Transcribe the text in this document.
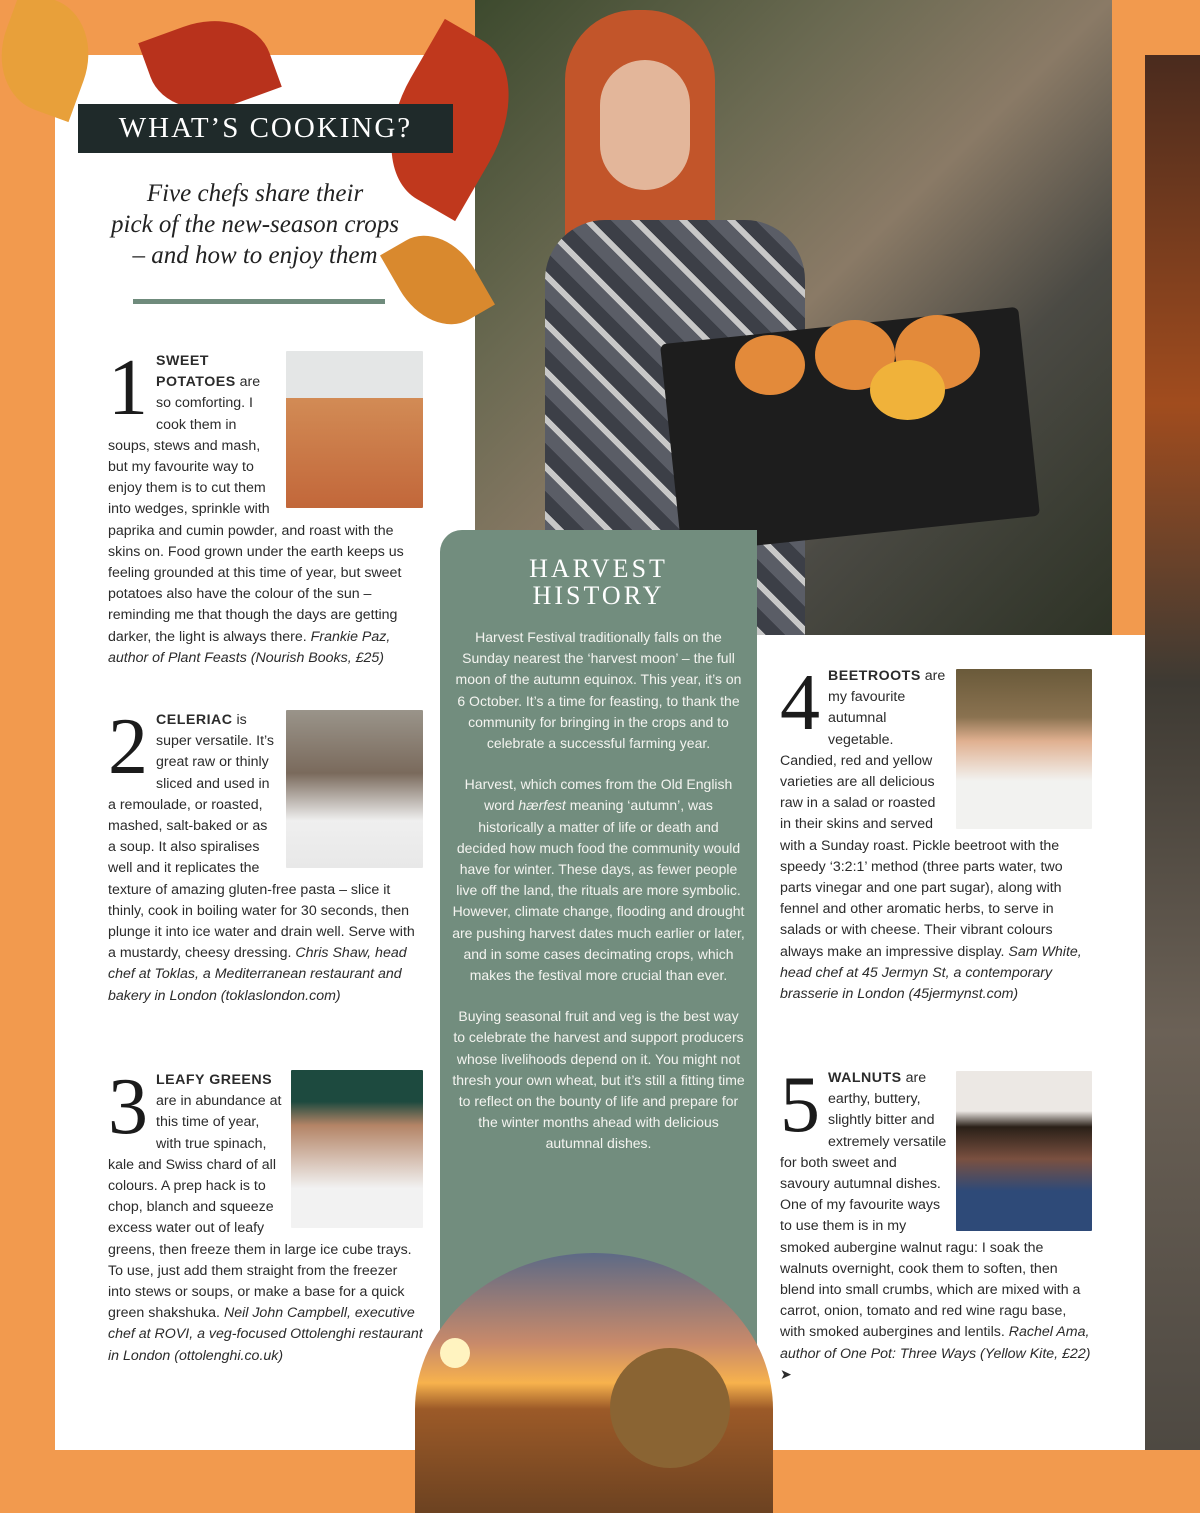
WHAT’S COOKING?
Five chefs share their
pick of the new-season crops
– and how to enjoy them
1 SWEET POTATOES are so comforting. I cook them in soups, stews and mash, but my favourite way to enjoy them is to cut them into wedges, sprinkle with paprika and cumin powder, and roast with the skins on. Food grown under the earth keeps us feeling grounded at this time of year, but sweet potatoes also have the colour of the sun – reminding me that though the days are getting darker, the light is always there. Frankie Paz, author of Plant Feasts (Nourish Books, £25)
2 CELERIAC is super versatile. It’s great raw or thinly sliced and used in a remoulade, or roasted, mashed, salt-baked or as a soup. It also spiralises well and it replicates the texture of amazing gluten-free pasta – slice it thinly, cook in boiling water for 30 seconds, then plunge it into ice water and drain well. Serve with a mustardy, cheesy dressing. Chris Shaw, head chef at Toklas, a Mediterranean restaurant and bakery in London (toklaslondon.com)
3 LEAFY GREENS are in abundance at this time of year, with true spinach, kale and Swiss chard of all colours. A prep hack is to chop, blanch and squeeze excess water out of leafy greens, then freeze them in large ice cube trays. To use, just add them straight from the freezer into stews or soups, or make a base for a quick green shakshuka. Neil John Campbell, executive chef at ROVI, a veg-focused Ottolenghi restaurant in London (ottolenghi.co.uk)
HARVEST
HISTORY

Harvest Festival traditionally falls on the Sunday nearest the ‘harvest moon’ – the full moon of the autumn equinox. This year, it’s on 6 October. It’s a time for feasting, to thank the community for bringing in the crops and to celebrate a successful farming year.

Harvest, which comes from the Old English word hærfest meaning ‘autumn’, was historically a matter of life or death and decided how much food the community would have for winter. These days, as fewer people live off the land, the rituals are more symbolic. However, climate change, flooding and drought are pushing harvest dates much earlier or later, and in some cases decimating crops, which makes the festival more crucial than ever.

Buying seasonal fruit and veg is the best way to celebrate the harvest and support producers whose livelihoods depend on it. You might not thresh your own wheat, but it’s still a fitting time to reflect on the bounty of life and prepare for the winter months ahead with delicious autumnal dishes.

4 BEETROOTS are my favourite autumnal vegetable. Candied, red and yellow varieties are all delicious raw in a salad or roasted in their skins and served with a Sunday roast. Pickle beetroot with the speedy ‘3:2:1’ method (three parts water, two parts vinegar and one part sugar), along with fennel and other aromatic herbs, to serve in salads or with cheese. Their vibrant colours always make an impressive display. Sam White, head chef at 45 Jermyn St, a contemporary brasserie in London (45jermynst.com)
5 WALNUTS are earthy, buttery, slightly bitter and extremely versatile for both sweet and savoury autumnal dishes. One of my favourite ways to use them is in my smoked aubergine walnut ragu: I soak the walnuts overnight, cook them to soften, then blend into small crumbs, which are mixed with a carrot, onion, tomato and red wine ragu base, with smoked aubergines and lentils. Rachel Ama, author of One Pot: Three Ways (Yellow Kite, £22) ➤
